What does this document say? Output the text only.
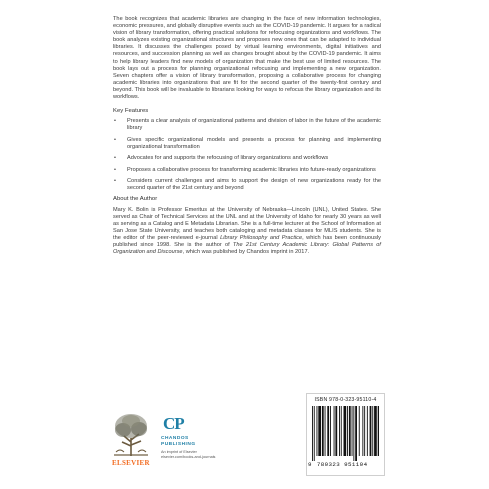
The book recognizes that academic libraries are changing in the face of new information technologies, economic pressures, and globally disruptive events such as the COVID-19 pandemic. It argues for a radical vision of library transformation, offering practical solutions for refocusing organizations and workflows. The book analyzes existing organizational structures and proposes new ones that can be adapted to individual libraries. It discusses the challenges posed by virtual learning environments, digital initiatives and resources, and succession planning as well as changes brought about by the COVID-19 pandemic. It aims to help library leaders find new models of organization that make the best use of limited resources. The book lays out a process for planning organizational refocusing and implementing a new organization. Seven chapters offer a vision of library transformation, proposing a collaborative process for changing academic libraries into organizations that are fit for the second quarter of the twenty-first century and beyond. This book will be invaluable to librarians looking for ways to refocus the library organization and its workflows.

Key Features
• Presents a clear analysis of organizational patterns and division of labor in the future of the academic library
• Gives specific organizational models and presents a process for planning and implementing organizational transformation
• Advocates for and supports the refocusing of library organizations and workflows
• Proposes a collaborative process for transforming academic libraries into future-ready organizations
• Considers current challenges and aims to support the design of new organizations ready for the second quarter of the 21st century and beyond
About the Author

Mary K. Bolin is Professor Emeritus at the University of Nebraska—Lincoln (UNL), United States. She served as Chair of Technical Services at the UNL and at the University of Idaho for nearly 30 years as well as serving as a Catalog and E Metadata Librarian. She is a full-time lecturer at the School of Information at San Jose State University, and teaches both cataloging and metadata classes for MLIS students. She is the editor of the peer-reviewed e-journal Library Philosophy and Practice, which has been continuously published since 1998. She is the author of The 21st Century Academic Library: Global Patterns of Organization and Discourse, which was published by Chandos imprint in 2017.

ELSEVIER
CP
CHANDOS
PUBLISHING
An imprint of Elsevier
elsevier.com/books-and-journals
ISBN 978-0-323-95110-4
9 780323 951104
